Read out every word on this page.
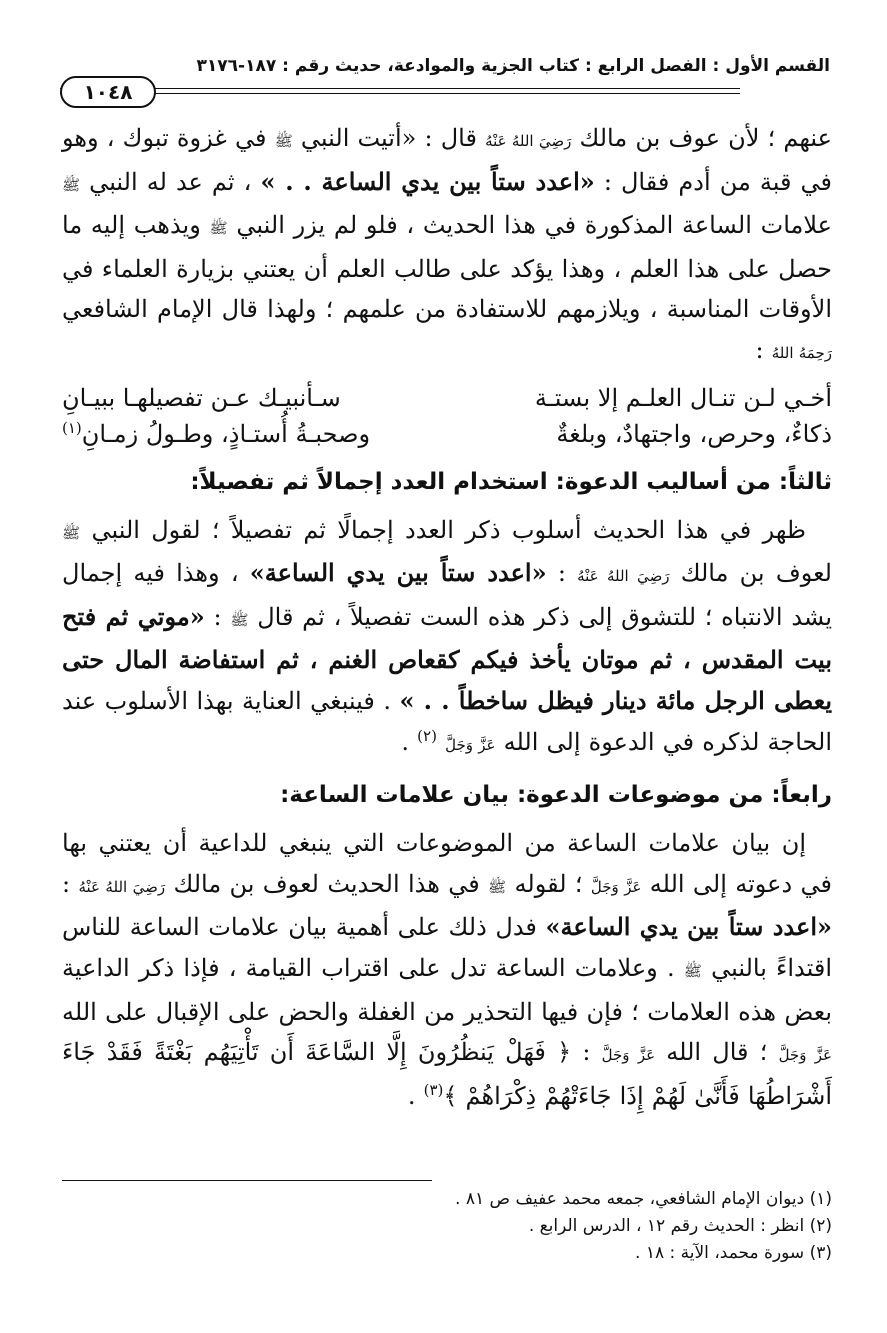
القسم الأول : الفصل الرابع : كتاب الجزية والموادعة، حديث رقم : ١٨٧-٣١٧٦
١٠٤٨

عنهم ؛ لأن عوف بن مالك رَضِيَ اللهُ عَنْهُ قال : «أتيت النبي ﷺ في غزوة تبوك ، وهو في قبة من أدم فقال : «اعدد ستاً بين يدي الساعة . . » ، ثم عد له النبي ﷺ علامات الساعة المذكورة في هذا الحديث ، فلو لم يزر النبي ﷺ ويذهب إليه ما حصل على هذا العلم ، وهذا يؤكد على طالب العلم أن يعتني بزيارة العلماء في الأوقات المناسبة ، ويلازمهم للاستفادة من علمهم ؛ ولهذا قال الإمام الشافعي رَحِمَهُ اللهُ :

أخـي لـن تنـال العلـم إلا بستـة
سـأنبيـك عـن تفصيلهـا ببيـانِ
ذكاءٌ، وحرص، واجتهادٌ، وبلغةٌ
وصحبـةُ أُستـاذٍ، وطـولُ زمـانِ$^{(١)}$
ثالثاً: من أساليب الدعوة: استخدام العدد إجمالاً ثم تفصيلاً:

ظهر في هذا الحديث أسلوب ذكر العدد إجمالًا ثم تفصيلاً ؛ لقول النبي ﷺ لعوف بن مالك رَضِيَ اللهُ عَنْهُ : «اعدد ستاً بين يدي الساعة» ، وهذا فيه إجمال يشد الانتباه ؛ للتشوق إلى ذكر هذه الست تفصيلاً ، ثم قال ﷺ : «موتي ثم فتح بيت المقدس ، ثم موتان يأخذ فيكم كقعاص الغنم ، ثم استفاضة المال حتى يعطى الرجل مائة دينار فيظل ساخطاً . . » . فينبغي العناية بهذا الأسلوب عند الحاجة لذكره في الدعوة إلى الله عَزَّ وَجَلَّ $^{(٢)}$ .

رابعاً: من موضوعات الدعوة: بيان علامات الساعة:

إن بيان علامات الساعة من الموضوعات التي ينبغي للداعية أن يعتني بها في دعوته إلى الله عَزَّ وَجَلَّ ؛ لقوله ﷺ في هذا الحديث لعوف بن مالك رَضِيَ اللهُ عَنْهُ : «اعدد ستاً بين يدي الساعة» فدل ذلك على أهمية بيان علامات الساعة للناس اقتداءً بالنبي ﷺ . وعلامات الساعة تدل على اقتراب القيامة ، فإذا ذكر الداعية بعض هذه العلامات ؛ فإن فيها التحذير من الغفلة والحض على الإقبال على الله عَزَّ وَجَلَّ ؛ قال الله عَزَّ وَجَلَّ : ﴿ فَهَلْ يَنظُرُونَ إِلَّا السَّاعَةَ أَن تَأْتِيَهُم بَغْتَةً فَقَدْ جَاءَ أَشْرَاطُهَا فَأَنَّىٰ لَهُمْ إِذَا جَاءَتْهُمْ ذِكْرَاهُمْ ﴾$^{(٣)}$ .

(١) ديوان الإمام الشافعي، جمعه محمد عفيف ص ٨١ .

(٢) انظر : الحديث رقم ١٢ ، الدرس الرابع .

(٣) سورة محمد، الآية : ١٨ .
